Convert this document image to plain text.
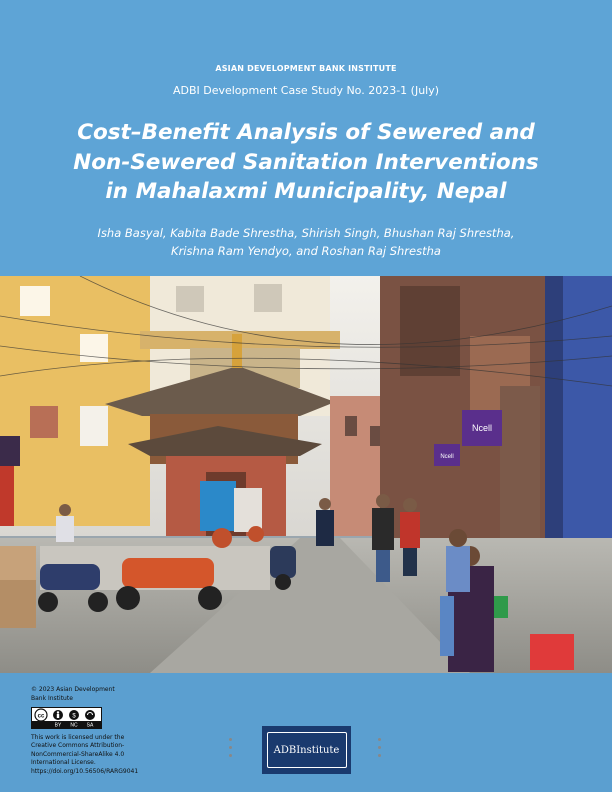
ASIAN DEVELOPMENT BANK INSTITUTE
ADBI Development Case Study No. 2023-1 (July)
Cost–Benefit Analysis of Sewered and
Non-Sewered Sanitation Interventions
in Mahalaxmi Municipality, Nepal
Isha Basyal, Kabita Bade Shrestha, Shirish Singh, Bhushan Raj Shrestha,
Krishna Ram Yendyo, and Roshan Raj Shrestha
Ncell
Ncell
© 2023 Asian Development
Bank Institute
cc	$
BY NC SA
This work is licensed under the
Creative Commons Attribution-
NonCommercial-ShareAlike 4.0
International License.
https://doi.org/10.56506/RARG9041
ADBInstitute
